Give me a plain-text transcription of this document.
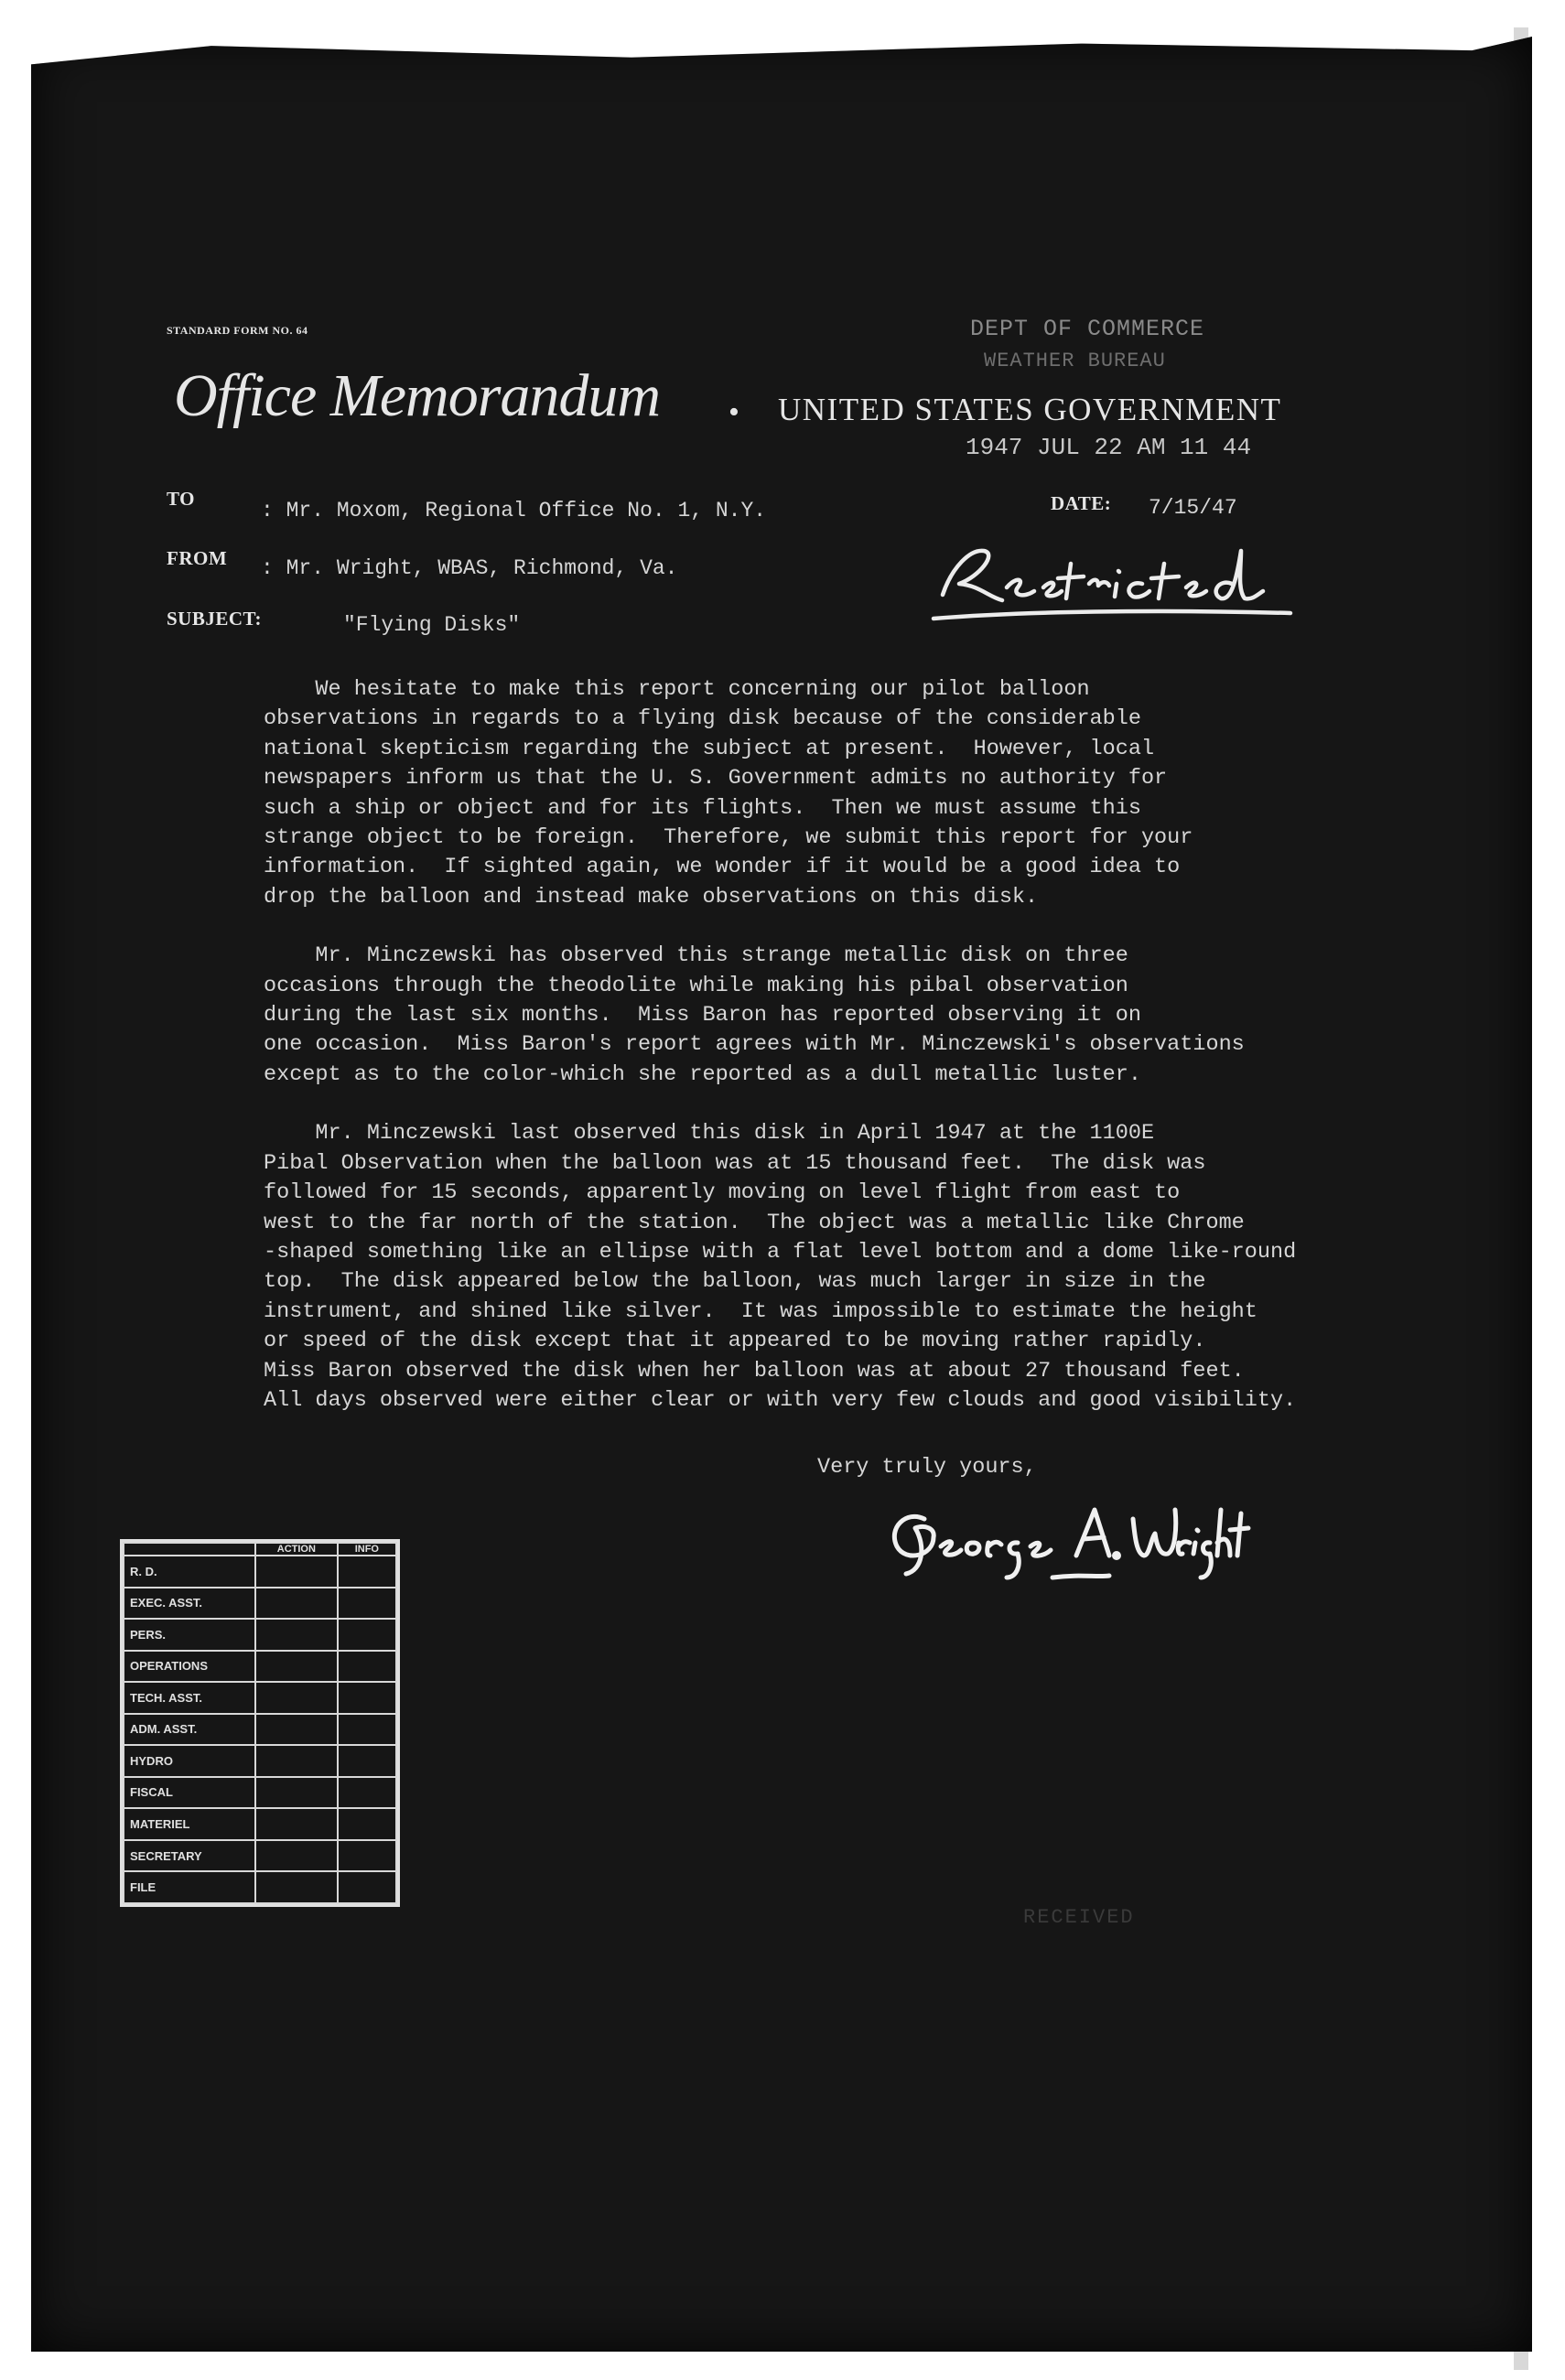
STANDARD FORM NO. 64
Office Memorandum • UNITED STATES GOVERNMENT
DEPT OF COMMERCE
WEATHER BUREAU
1947 JUL 22 AM 11 44
TO	: Mr. Moxom, Regional Office No. 1, N.Y.
FROM : Mr. Wright, WBAS, Richmond, Va.
SUBJECT:	"Flying Disks"
DATE: 7/15/47

We hesitate to make this report concerning our pilot balloon
observations in regards to a flying disk because of the considerable
national skepticism regarding the subject at present.  However, local
newspapers inform us that the U. S. Government admits no authority for
such a ship or object and for its flights.  Then we must assume this
strange object to be foreign.  Therefore, we submit this report for your
information.  If sighted again, we wonder if it would be a good idea to
drop the balloon and instead make observations on this disk.

Mr. Minczewski has observed this strange metallic disk on three
occasions through the theodolite while making his pibal observation
during the last six months.  Miss Baron has reported observing it on
one occasion.  Miss Baron's report agrees with Mr. Minczewski's observations
except as to the color-which she reported as a dull metallic luster.

Mr. Minczewski last observed this disk in April 1947 at the 1100E
Pibal Observation when the balloon was at 15 thousand feet.  The disk was
followed for 15 seconds, apparently moving on level flight from east to
west to the far north of the station.  The object was a metallic like Chrome
-shaped something like an ellipse with a flat level bottom and a dome like-round
top.  The disk appeared below the balloon, was much larger in size in the
instrument, and shined like silver.  It was impossible to estimate the height
or speed of the disk except that it appeared to be moving rather rapidly.
Miss Baron observed the disk when her balloon was at about 27 thousand feet.
All days observed were either clear or with very few clouds and good visibility.

Very truly yours,
	ACTION	INFO
R. D.		
EXEC. ASST.		
PERS.		
OPERATIONS		
TECH. ASST.		
ADM. ASST.		
HYDRO		
FISCAL		
MATERIEL		
SECRETARY		
FILE		
RECEIVED
